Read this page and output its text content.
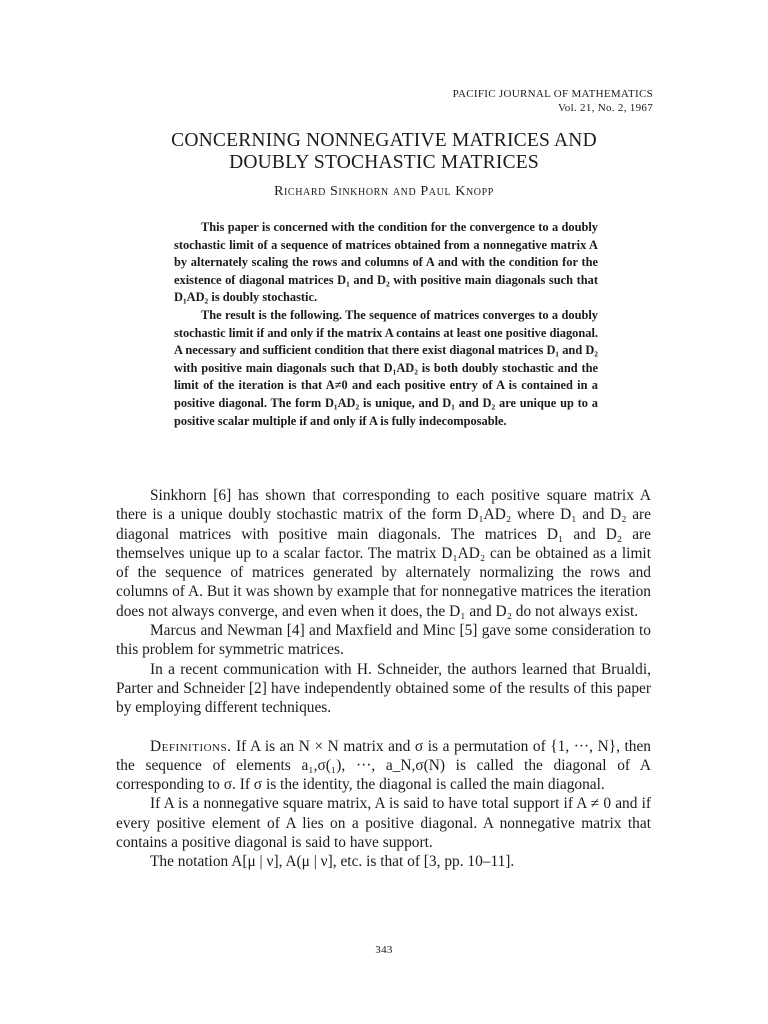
PACIFIC JOURNAL OF MATHEMATICS
Vol. 21, No. 2, 1967
CONCERNING NONNEGATIVE MATRICES AND
DOUBLY STOCHASTIC MATRICES
Richard Sinkhorn and Paul Knopp

This paper is concerned with the condition for the convergence to a doubly stochastic limit of a sequence of matrices obtained from a nonnegative matrix A by alternately scaling the rows and columns of A and with the condition for the existence of diagonal matrices D₁ and D₂ with positive main diagonals such that D₁AD₂ is doubly stochastic.

The result is the following. The sequence of matrices converges to a doubly stochastic limit if and only if the matrix A contains at least one positive diagonal. A necessary and sufficient condition that there exist diagonal matrices D₁ and D₂ with positive main diagonals such that D₁AD₂ is both doubly stochastic and the limit of the iteration is that A≠0 and each positive entry of A is contained in a positive diagonal. The form D₁AD₂ is unique, and D₁ and D₂ are unique up to a positive scalar multiple if and only if A is fully indecomposable.

Sinkhorn [6] has shown that corresponding to each positive square matrix A there is a unique doubly stochastic matrix of the form D₁AD₂ where D₁ and D₂ are diagonal matrices with positive main diagonals. The matrices D₁ and D₂ are themselves unique up to a scalar factor. The matrix D₁AD₂ can be obtained as a limit of the sequence of matrices generated by alternately normalizing the rows and columns of A. But it was shown by example that for nonnegative matrices the iteration does not always converge, and even when it does, the D₁ and D₂ do not always exist.

Marcus and Newman [4] and Maxfield and Minc [5] gave some consideration to this problem for symmetric matrices.

In a recent communication with H. Schneider, the authors learned that Brualdi, Parter and Schneider [2] have independently obtained some of the results of this paper by employing different techniques.

Definitions. If A is an N × N matrix and σ is a permutation of {1, ···, N}, then the sequence of elements a₁,σ(₁), ···, a_N,σ(N) is called the diagonal of A corresponding to σ. If σ is the identity, the diagonal is called the main diagonal.

If A is a nonnegative square matrix, A is said to have total support if A ≠ 0 and if every positive element of A lies on a positive diagonal. A nonnegative matrix that contains a positive diagonal is said to have support.

The notation A[μ | ν], A(μ | ν], etc. is that of [3, pp. 10–11].

343
